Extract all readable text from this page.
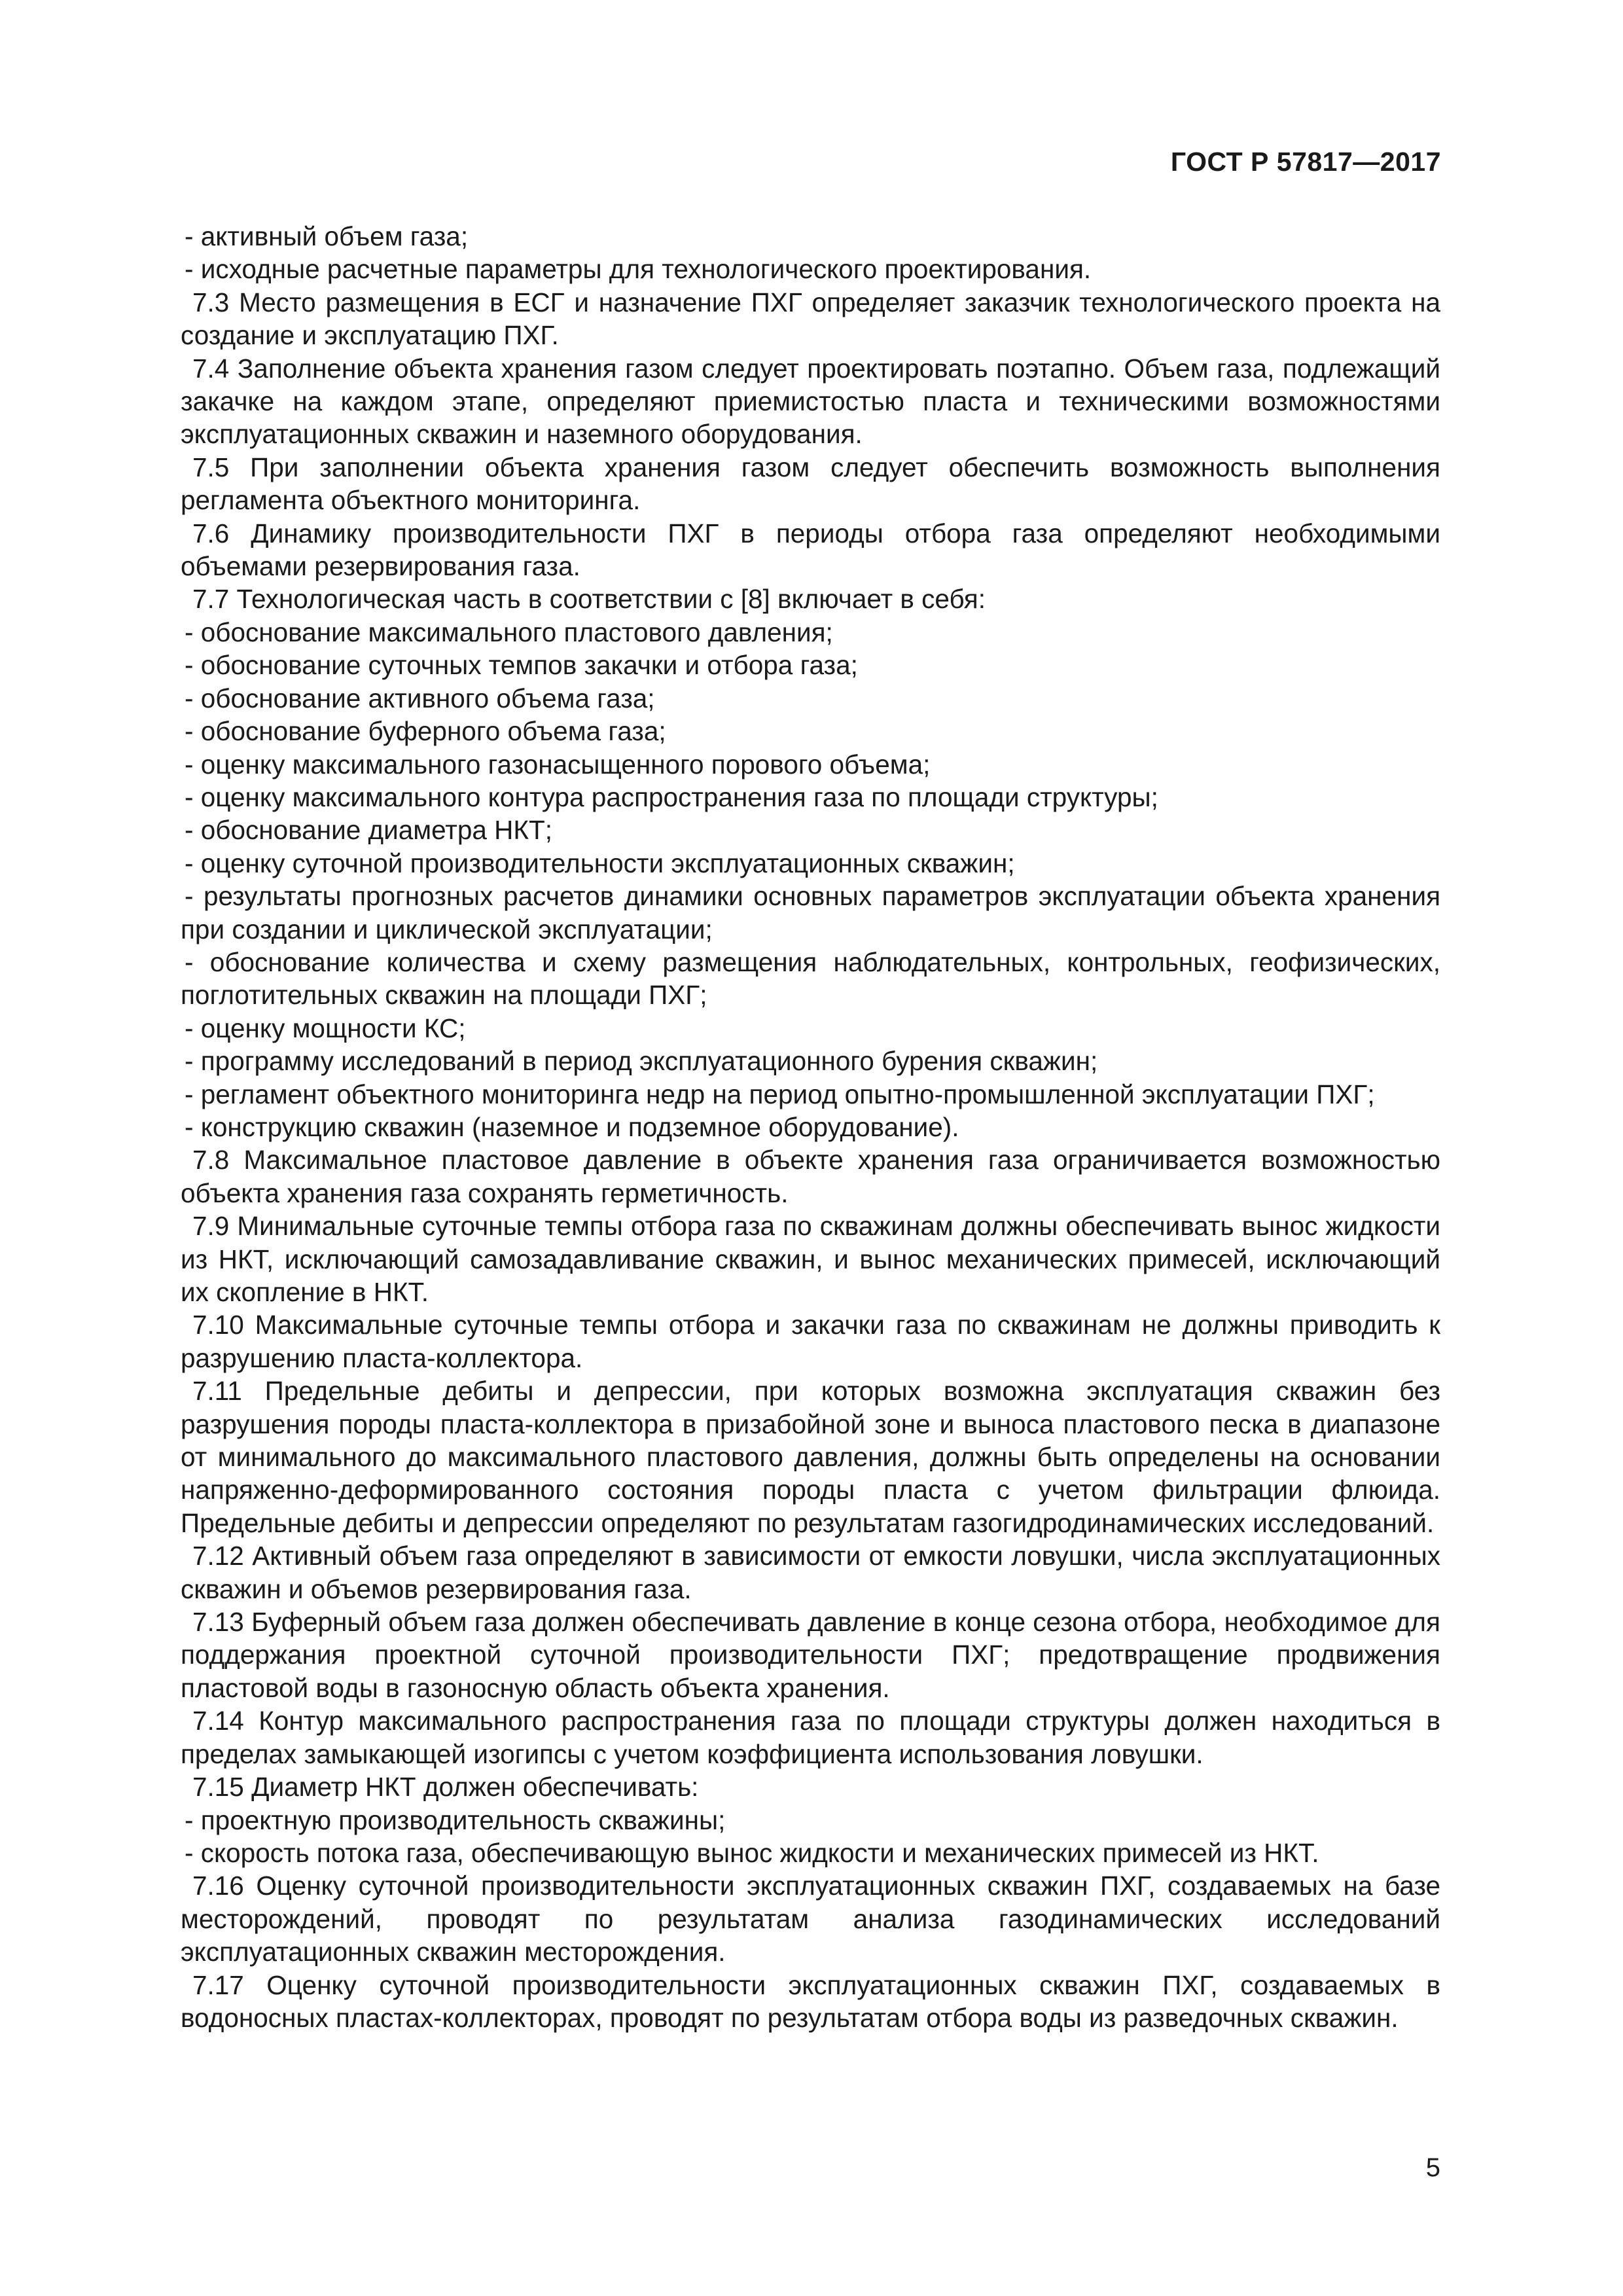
ГОСТ Р 57817—2017

- активный объем газа;

- исходные расчетные параметры для технологического проектирования.

7.3 Место размещения в ЕСГ и назначение ПХГ определяет заказчик технологического проекта на создание и эксплуатацию ПХГ.

7.4 Заполнение объекта хранения газом следует проектировать поэтапно. Объем газа, подлежащий закачке на каждом этапе, определяют приемистостью пласта и техническими возможностями эксплуатационных скважин и наземного оборудования.

7.5 При заполнении объекта хранения газом следует обеспечить возможность выполнения регламента объектного мониторинга.

7.6 Динамику производительности ПХГ в периоды отбора газа определяют необходимыми объемами резервирования газа.

7.7 Технологическая часть в соответствии с [8] включает в себя:

- обоснование максимального пластового давления;

- обоснование суточных темпов закачки и отбора газа;

- обоснование активного объема газа;

- обоснование буферного объема газа;

- оценку максимального газонасыщенного порового объема;

- оценку максимального контура распространения газа по площади структуры;

- обоснование диаметра НКТ;

- оценку суточной производительности эксплуатационных скважин;

- результаты прогнозных расчетов динамики основных параметров эксплуатации объекта хранения при создании и циклической эксплуатации;

- обоснование количества и схему размещения наблюдательных, контрольных, геофизических, поглотительных скважин на площади ПХГ;

- оценку мощности КС;

- программу исследований в период эксплуатационного бурения скважин;

- регламент объектного мониторинга недр на период опытно-промышленной эксплуатации ПХГ;

- конструкцию скважин (наземное и подземное оборудование).

7.8 Максимальное пластовое давление в объекте хранения газа ограничивается возможностью объекта хранения газа сохранять герметичность.

7.9 Минимальные суточные темпы отбора газа по скважинам должны обеспечивать вынос жидкости из НКТ, исключающий самозадавливание скважин, и вынос механических примесей, исключающий их скопление в НКТ.

7.10 Максимальные суточные темпы отбора и закачки газа по скважинам не должны приводить к разрушению пласта-коллектора.

7.11 Предельные дебиты и депрессии, при которых возможна эксплуатация скважин без разрушения породы пласта-коллектора в призабойной зоне и выноса пластового песка в диапазоне от минимального до максимального пластового давления, должны быть определены на основании напряженно-деформированного состояния породы пласта с учетом фильтрации флюида. Предельные дебиты и депрессии определяют по результатам газогидродинамических исследований.

7.12 Активный объем газа определяют в зависимости от емкости ловушки, числа эксплуатационных скважин и объемов резервирования газа.

7.13 Буферный объем газа должен обеспечивать давление в конце сезона отбора, необходимое для поддержания проектной суточной производительности ПХГ; предотвращение продвижения пластовой воды в газоносную область объекта хранения.

7.14 Контур максимального распространения газа по площади структуры должен находиться в пределах замыкающей изогипсы с учетом коэффициента использования ловушки.

7.15 Диаметр НКТ должен обеспечивать:

- проектную производительность скважины;

- скорость потока газа, обеспечивающую вынос жидкости и механических примесей из НКТ.

7.16 Оценку суточной производительности эксплуатационных скважин ПХГ, создаваемых на базе месторождений, проводят по результатам анализа газодинамических исследований эксплуатационных скважин месторождения.

7.17 Оценку суточной производительности эксплуатационных скважин ПХГ, создаваемых в водоносных пластах-коллекторах, проводят по результатам отбора воды из разведочных скважин.

5
